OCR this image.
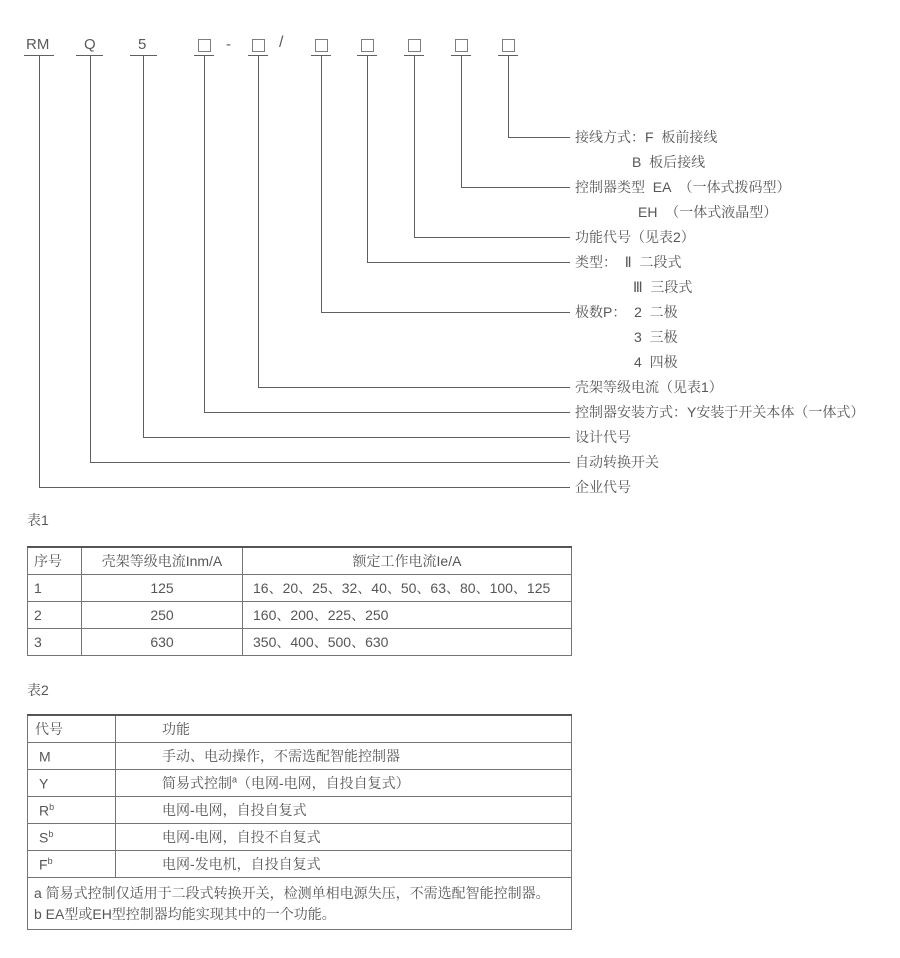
RM Q	5	-	/
接线方式：F  板前接线
B  板后接线
控制器类型  EA  （一体式拨码型）
EH  （一体式液晶型）
功能代号（见表2）
类型：  Ⅱ  二段式
Ⅲ  三段式
极数P：  2  二极
3  三极
4  四极
壳架等级电流（见表1）
控制器安装方式：Y安装于开关本体（一体式）
设计代号
自动转换开关
企业代号
表1
序号	壳架等级电流Inm/A	额定工作电流Ie/A
1	125	16、20、25、32、40、50、63、80、100、125
2	250	160、200、225、250
3	630	350、400、500、630
表2
代号	功能
M	手动、电动操作，不需选配智能控制器
Y	简易式控制$^a$（电网-电网，自投自复式）
$R^b$	电网-电网，自投自复式
$S^b$	电网-电网，自投不自复式
$F^b$	电网-发电机，自投自复式

a 简易式控制仅适用于二段式转换开关，检测单相电源失压，不需选配智能控制器。
b EA型或EH型控制器均能实现其中的一个功能。	
